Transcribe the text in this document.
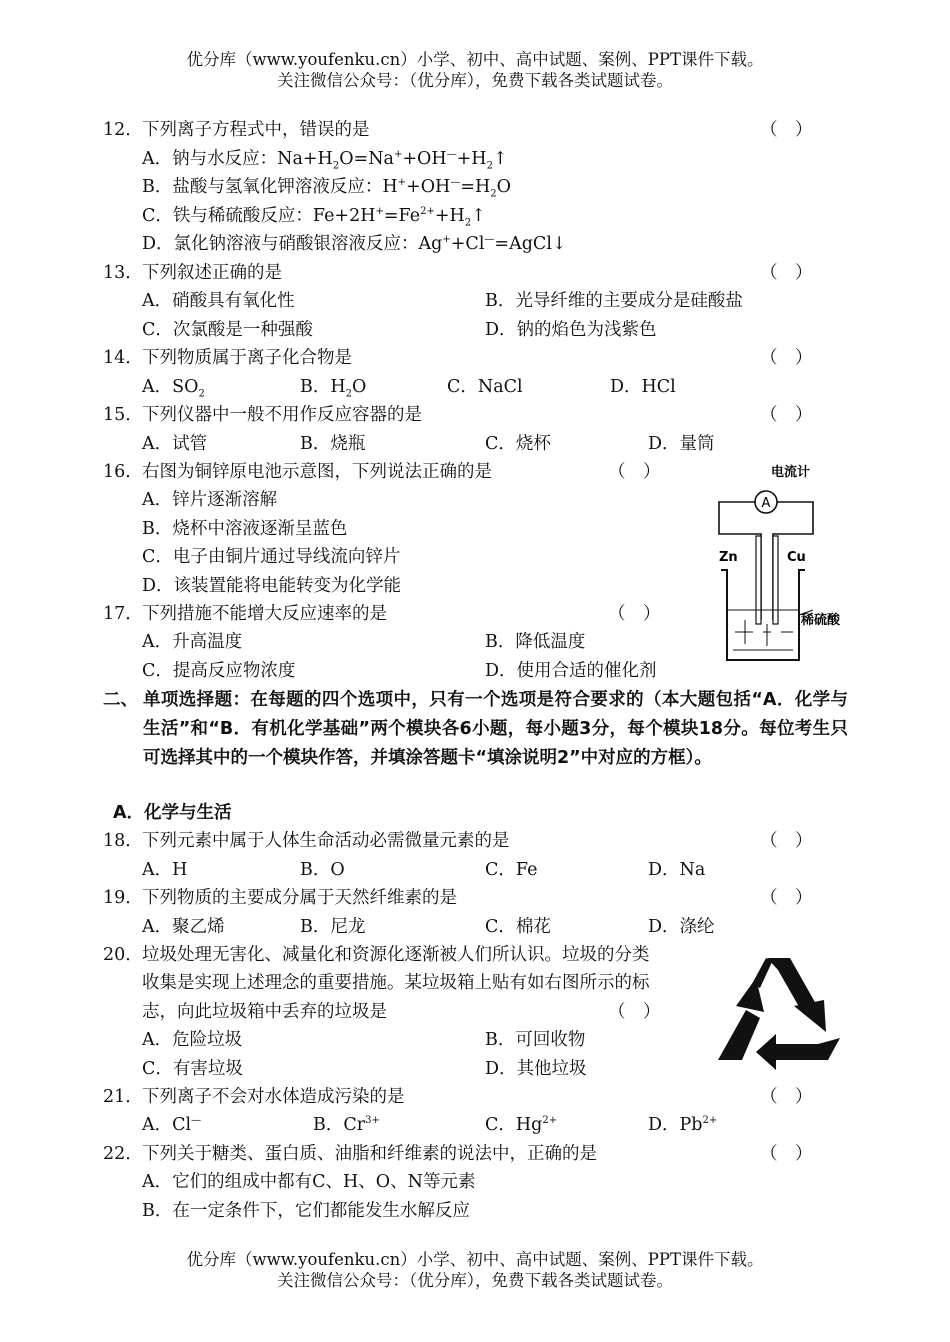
优分库（www.youfenku.cn）小学、初中、高中试题、案例、PPT课件下载。
关注微信公众号：（优分库），免费下载各类试题试卷。
12． 下列离子方程式中，错误的是	（　）
A．钠与水反应：$Na+H_2O=Na^++OH^—+H_2↑$
B．盐酸与氢氧化钾溶液反应：$H^++OH^—=H_2O$
C．铁与稀硫酸反应：$Fe+2H^+=Fe^{2+}+H_2↑$
D．氯化钠溶液与硝酸银溶液反应：Ag++Cl—=AgCl↓
13． 下列叙述正确的是	（　）
A．硝酸具有氧化性	B．光导纤维的主要成分是硅酸盐
C．次氯酸是一种强酸	D．钠的焰色为浅紫色
14． 下列物质属于离子化合物是	（　）
A．$SO_2$	B．$H_2O$	C．NaCl	D．HCl
15． 下列仪器中一般不用作反应容器的是	（　）
A．试管	B．烧瓶	C．烧杯	D．量筒
16． 右图为铜锌原电池示意图，下列说法正确的是	（　）
A．锌片逐渐溶解
B．烧杯中溶液逐渐呈蓝色
C．电子由铜片通过导线流向锌片
D．该装置能将电能转变为化学能
17． 下列措施不能增大反应速率的是	（　）
A．升高温度	B．降低温度
C．提高反应物浓度	D．使用合适的催化剂
电流计
A
Zn	Cu
稀硫酸
二、 单项选择题：在每题的四个选项中，只有一个选项是符合要求的（本大题包括“A．化学与生活”和“B．有机化学基础”两个模块各6小题，每小题3分，每个模块18分。每位考生只可选择其中的一个模块作答，并填涂答题卡“填涂说明2”中对应的方框）。
A．化学与生活
18． 下列元素中属于人体生命活动必需微量元素的是	（　）
A．H	B．O	C．Fe	D．Na
19． 下列物质的主要成分属于天然纤维素的是	（　）
A．聚乙烯	B．尼龙	C．棉花	D．涤纶
20． 垃圾处理无害化、减量化和资源化逐渐被人们所认识。垃圾的分类
收集是实现上述理念的重要措施。某垃圾箱上贴有如右图所示的标
志，向此垃圾箱中丢弃的垃圾是	（　）
A．危险垃圾	B．可回收物
C．有害垃圾	D．其他垃圾
21． 下列离子不会对水体造成污染的是	（　）
A．Cl—	B．$Cr^{3+}$	C．$Hg^{2+}$	D．$Pb^{2+}$
22． 下列关于糖类、蛋白质、油脂和纤维素的说法中，正确的是	（　）
A．它们的组成中都有C、H、O、N等元素
B．在一定条件下，它们都能发生水解反应
优分库（www.youfenku.cn）小学、初中、高中试题、案例、PPT课件下载。
关注微信公众号：（优分库），免费下载各类试题试卷。
